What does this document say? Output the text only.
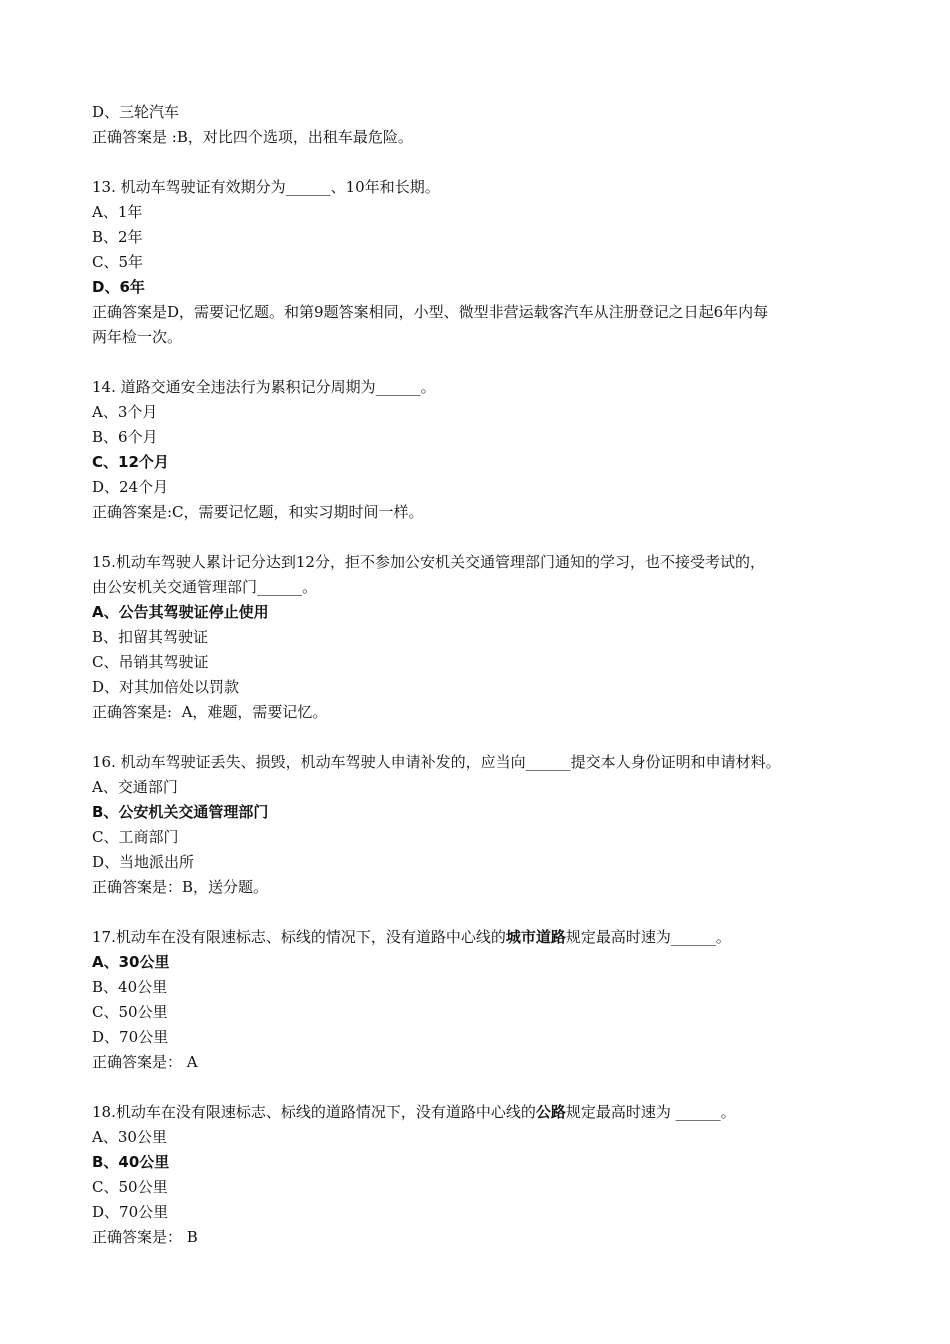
D、三轮汽车

正确答案是 :B，对比四个选项，出租车最危险。

13. 机动车驾驶证有效期分为______、10年和长期。

A、1年

B、2年

C、5年

D、6年

正确答案是D，需要记忆题。和第9题答案相同，小型、微型非营运载客汽车从注册登记之日起6年内每

两年检一次。

14. 道路交通安全违法行为累积记分周期为______。

A、3个月

B、6个月

C、12个月

D、24个月

正确答案是:C，需要记忆题，和实习期时间一样。

15.机动车驾驶人累计记分达到12分，拒不参加公安机关交通管理部门通知的学习，也不接受考试的，

由公安机关交通管理部门______。

A、公告其驾驶证停止使用

B、扣留其驾驶证

C、吊销其驾驶证

D、对其加倍处以罚款

正确答案是:  A，难题，需要记忆。

16. 机动车驾驶证丢失、损毁，机动车驾驶人申请补发的，应当向______提交本人身份证明和申请材料。

A、交通部门

B、公安机关交通管理部门

C、工商部门

D、当地派出所

正确答案是：B，送分题。

17.机动车在没有限速标志、标线的情况下，没有道路中心线的城市道路规定最高时速为______。

A、30公里

B、40公里

C、50公里

D、70公里

正确答案是： A

18.机动车在没有限速标志、标线的道路情况下，没有道路中心线的公路规定最高时速为 ______。

A、30公里

B、40公里

C、50公里

D、70公里

正确答案是： B
